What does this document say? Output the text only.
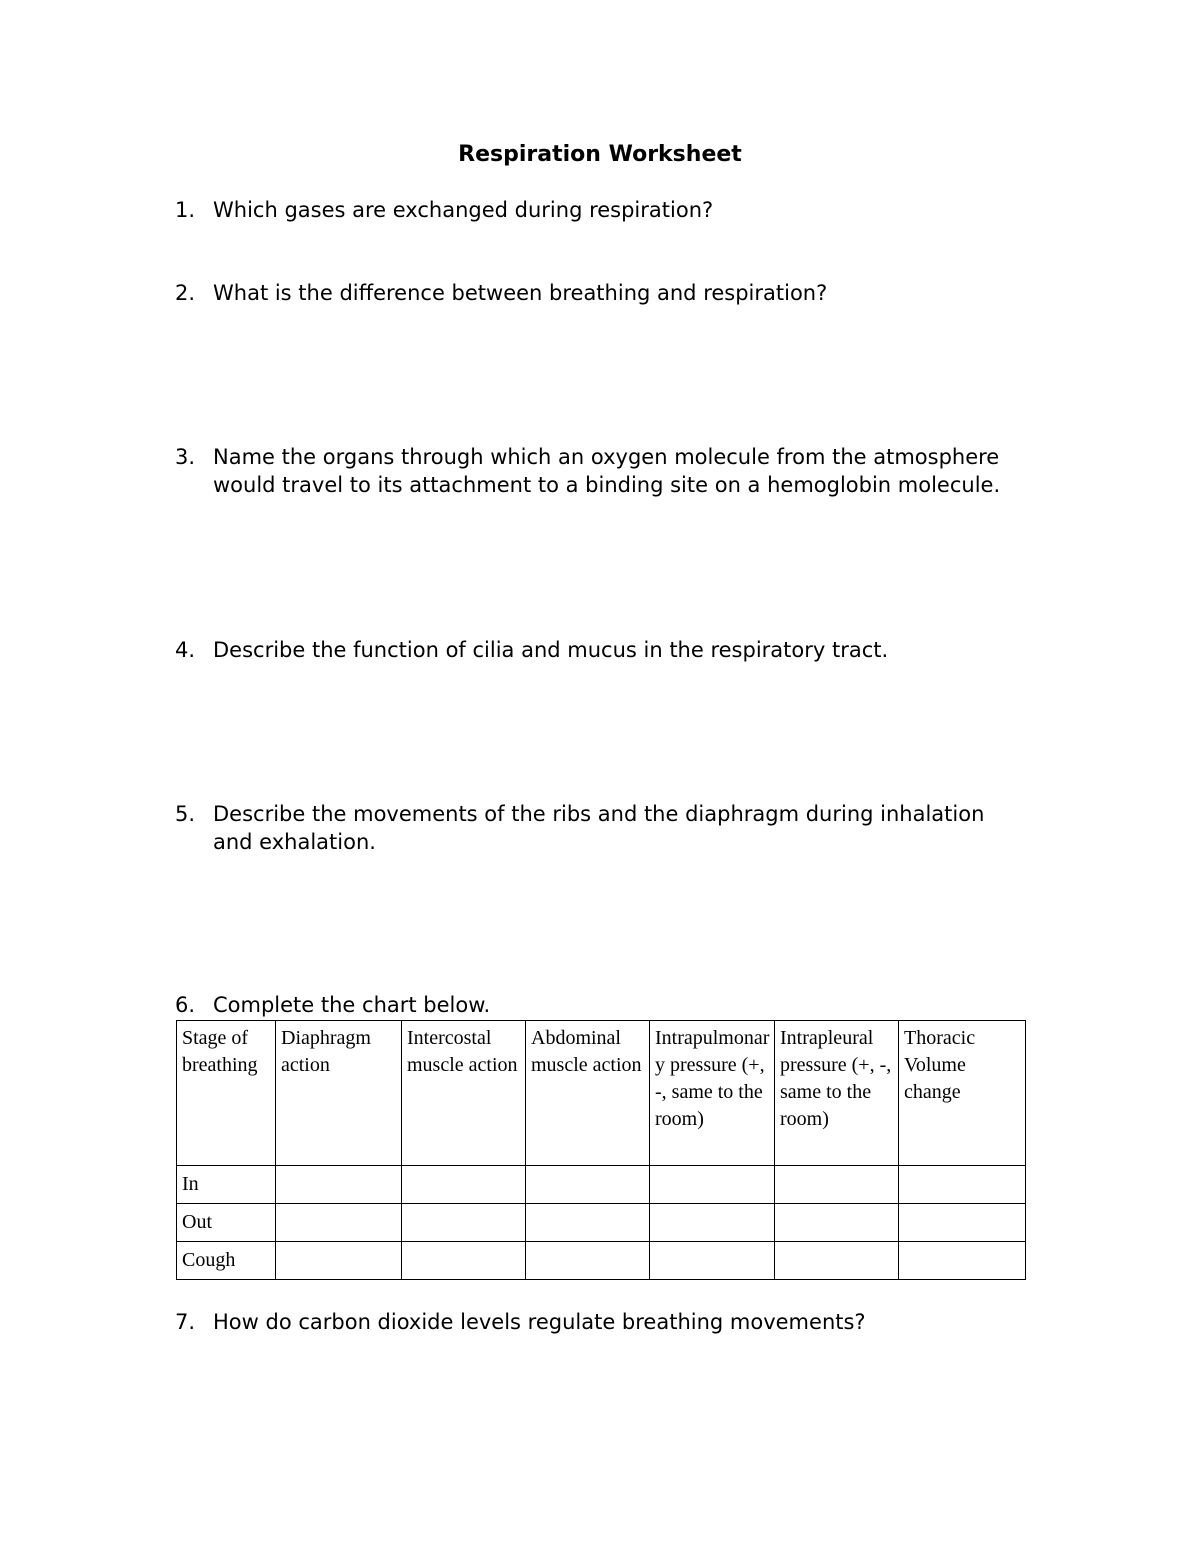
Respiration Worksheet
1. Which gases are exchanged during respiration?
2. What is the difference between breathing and respiration?
3. Name the organs through which an oxygen molecule from the atmosphere would travel to its attachment to a binding site on a hemoglobin molecule.
4. Describe the function of cilia and mucus in the respiratory tract.
5. Describe the movements of the ribs and the diaphragm during inhalation and exhalation.
6. Complete the chart below.
Stage of breathing	Diaphragm action	Intercostal muscle action	Abdominal muscle action	Intrapulmonary pressure (+, -, same to the room)	Intrapleural pressure (+, -, same to the room)	Thoracic Volume change
In						
Out						
Cough						
7. How do carbon dioxide levels regulate breathing movements?
